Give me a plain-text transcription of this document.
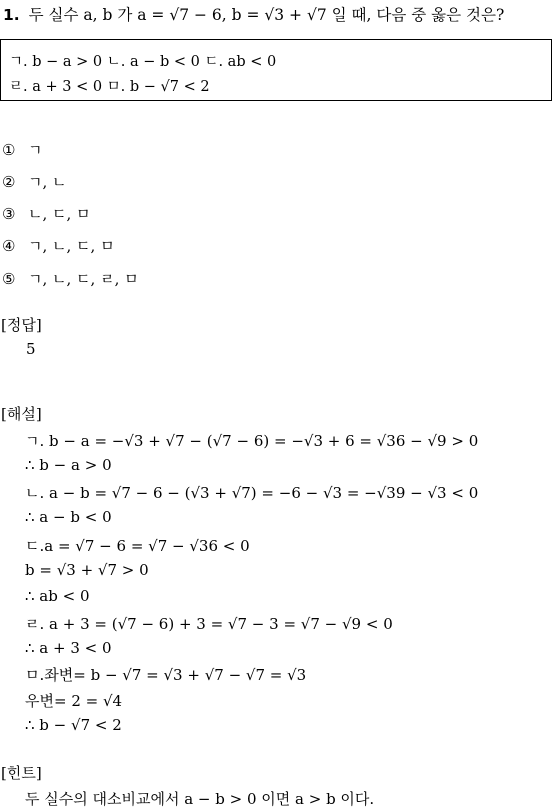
1. 두 실수 a, b 가 a = √7 − 6, b = √3 + √7 일 때, 다음 중 옳은 것은?
ㄱ. b − a > 0 ㄴ. a − b < 0 ㄷ. ab < 0
ㄹ. a + 3 < 0 ㅁ. b − √7 < 2
① ㄱ
② ㄱ, ㄴ
③ ㄴ, ㄷ, ㅁ
④ ㄱ, ㄴ, ㄷ, ㅁ
⑤ ㄱ, ㄴ, ㄷ, ㄹ, ㅁ
[정답]
5
[해설]
ㄱ. b − a = −√3 + √7 − (√7 − 6) = −√3 + 6 = √36 − √9 > 0
∴ b − a > 0
ㄴ. a − b = √7 − 6 − (√3 + √7) = −6 − √3 = −√39 − √3 < 0
∴ a − b < 0
ㄷ.a = √7 − 6 = √7 − √36 < 0
b = √3 + √7 > 0
∴ ab < 0
ㄹ. a + 3 = (√7 − 6) + 3 = √7 − 3 = √7 − √9 < 0
∴ a + 3 < 0
ㅁ.좌변= b − √7 = √3 + √7 − √7 = √3
우변= 2 = √4
∴ b − √7 < 2
[힌트]
두 실수의 대소비교에서 a − b > 0 이면 a > b 이다.
